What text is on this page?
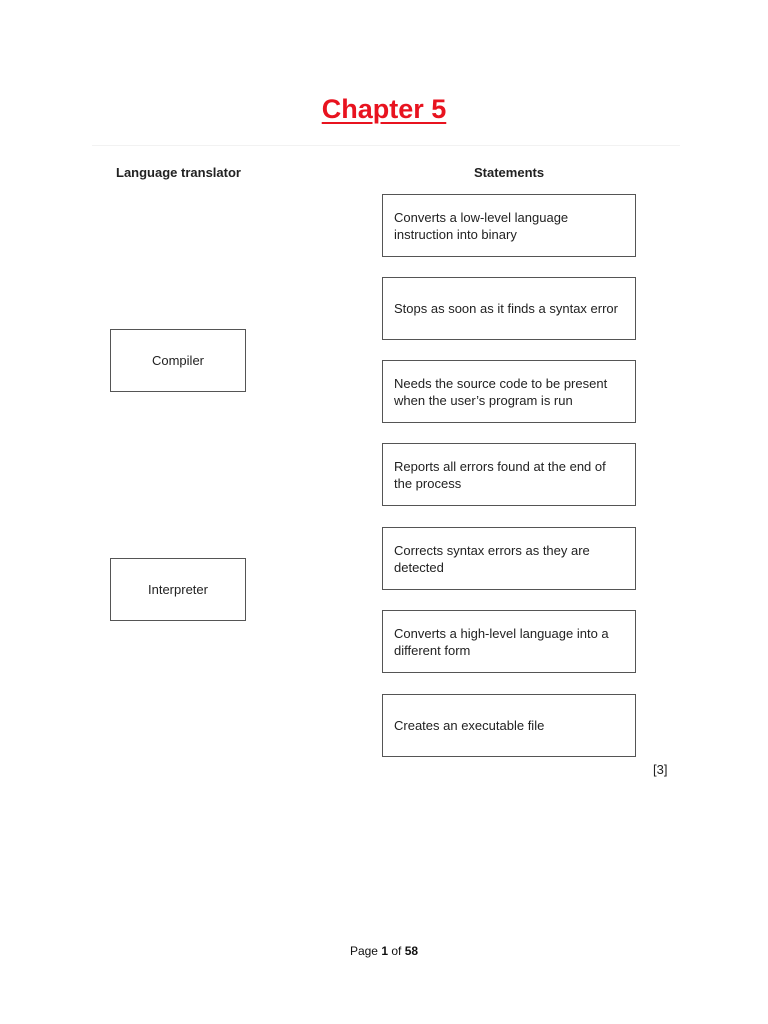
Chapter 5
Language translator	Statements
Compiler
Interpreter
Converts a low-level language instruction into binary
Stops as soon as it finds a syntax error
Needs the source code to be present when the user’s program is run
Reports all errors found at the end of the process
Corrects syntax errors as they are detected
Converts a high-level language into a different form
Creates an executable file
[3]
Page 1 of 58
